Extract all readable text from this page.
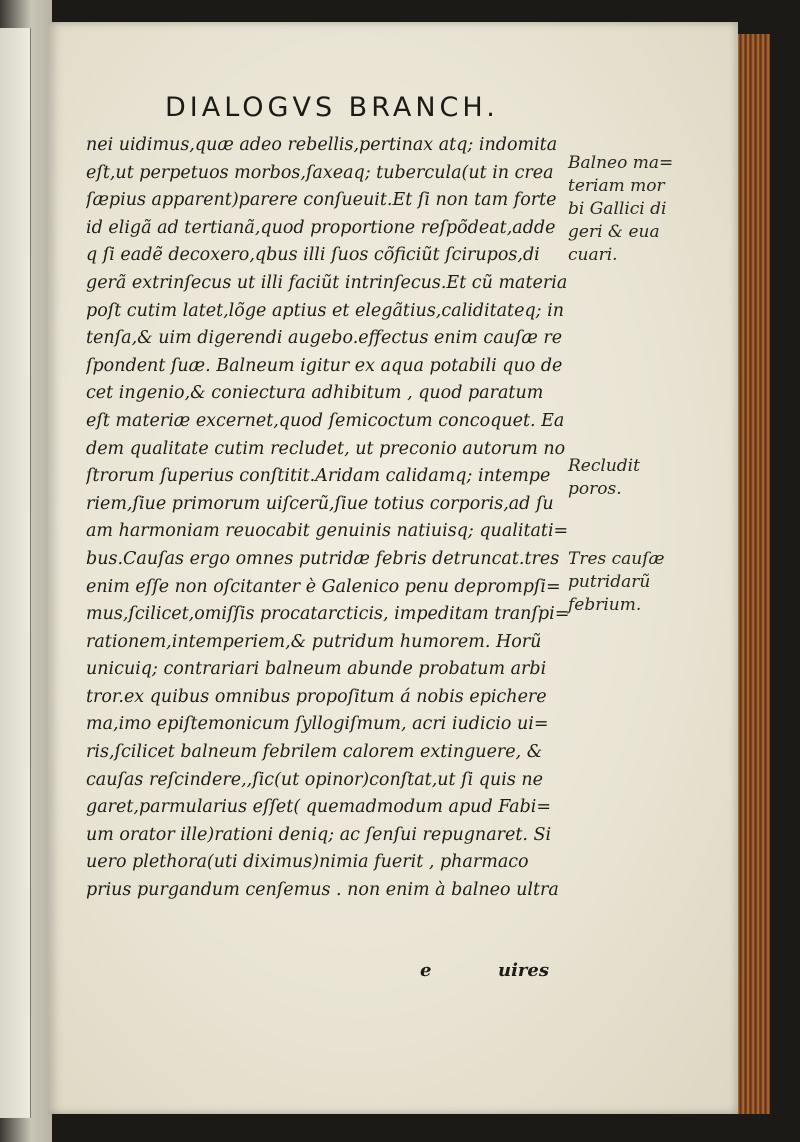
DIALOGVS BRANCH.
nei uidimus,quæ adeo rebellis,pertinax atq; indomita
eſt,ut perpetuos morbos,ſaxeaq; tubercula(ut in crea
ſæpius apparent)parere conſueuit.Et ſi non tam forte
id eligã ad tertianã,quod proportione reſpõdeat,adde
q ſi eadẽ decoxero,qbus illi ſuos cõficiũt ſcirupos,di
gerã extrinſecus ut illi faciũt intrinſecus.Et cũ materia
poſt cutim latet,lõge aptius et elegãtius,caliditateq; in
tenſa,& uim digerendi augebo.effectus enim cauſæ re
ſpondent ſuæ. Balneum igitur ex aqua potabili quo de
cet ingenio,& coniectura adhibitum , quod paratum
eſt materiæ excernet,quod ſemicoctum concoquet. Ea
dem qualitate cutim recludet, ut preconio autorum no
ſtrorum ſuperius conſtitit.Aridam calidamq; intempe
riem,ſiue primorum uiſcerũ,ſiue totius corporis,ad ſu
am harmoniam reuocabit genuinis natiuisq; qualitati=
bus.Cauſas ergo omnes putridæ febris detruncat.tres
enim eſſe non oſcitanter è Galenico penu deprompſi=
mus,ſcilicet,omiſſis procatarcticis, impeditam tranſpi=
rationem,intemperiem,& putridum humorem. Horũ
unicuiq; contrariari balneum abunde probatum arbi
tror.ex quibus omnibus propoſitum á nobis epichere
ma,imo epiſtemonicum ſyllogiſmum, acri iudicio ui=
ris,ſcilicet balneum febrilem calorem extinguere, &
cauſas reſcindere,,ſic(ut opinor)conſtat,ut ſi quis ne
garet,parmularius eſſet( quemadmodum apud Fabi=
um orator ille)rationi deniq; ac ſenſui repugnaret. Si
uero plethora(uti diximus)nimia fuerit , pharmaco
prius purgandum cenſemus . non enim à balneo ultra
Balneo ma=
teriam mor
bi Gallici di
geri & eua
cuari.
Recludit
poros.
Tres cauſæ
putridarũ
febrium.
e	uires
